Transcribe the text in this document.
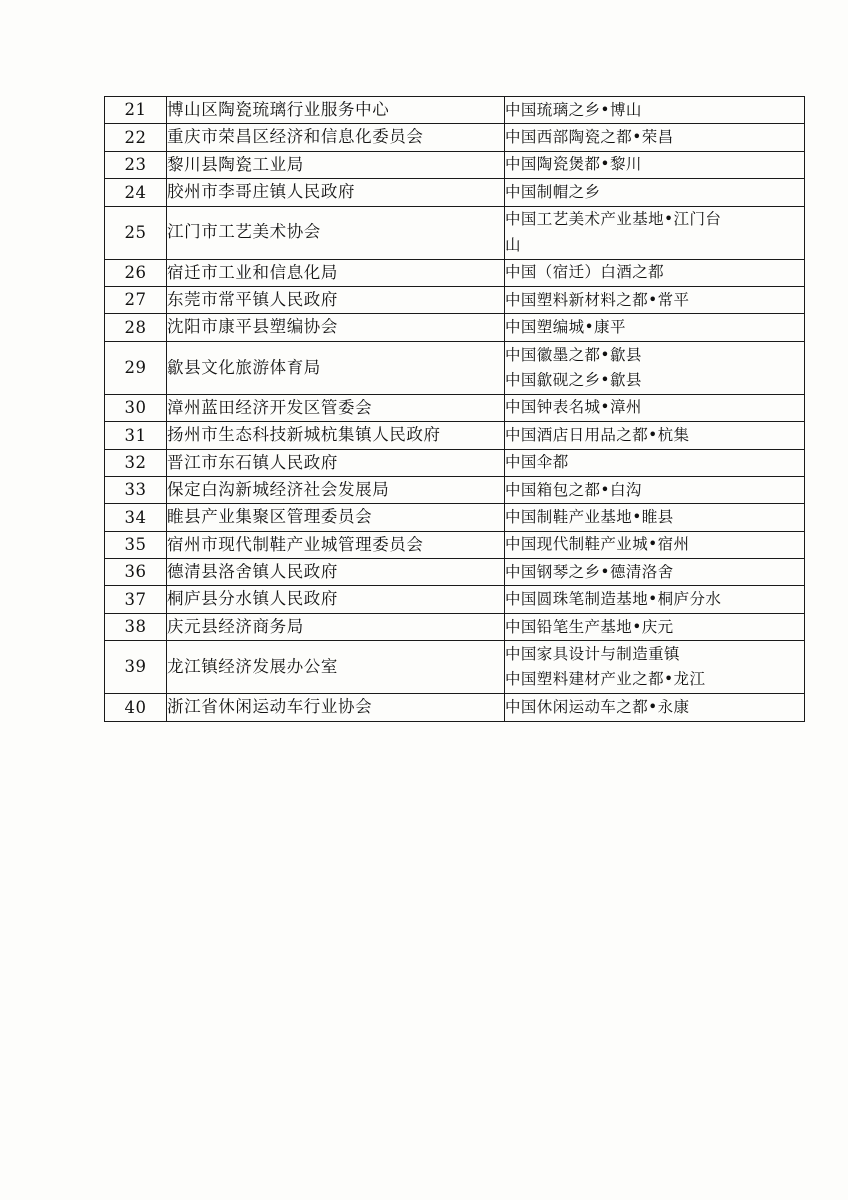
21	博山区陶瓷琉璃行业服务中心	中国琉璃之乡•博山

22	重庆市荣昌区经济和信息化委员会	中国西部陶瓷之都•荣昌

23	黎川县陶瓷工业局	中国陶瓷煲都•黎川

24	胶州市李哥庄镇人民政府	中国制帽之乡

25	江门市工艺美术协会	中国工艺美术产业基地•江门台
山

26	宿迁市工业和信息化局	中国（宿迁）白酒之都

27	东莞市常平镇人民政府	中国塑料新材料之都•常平

28	沈阳市康平县塑编协会	中国塑编城•康平

29	歙县文化旅游体育局	中国徽墨之都•歙县
中国歙砚之乡•歙县

30	漳州蓝田经济开发区管委会	中国钟表名城•漳州

31	扬州市生态科技新城杭集镇人民政府	中国酒店日用品之都•杭集

32	晋江市东石镇人民政府	中国伞都

33	保定白沟新城经济社会发展局	中国箱包之都•白沟

34	睢县产业集聚区管理委员会	中国制鞋产业基地•睢县

35	宿州市现代制鞋产业城管理委员会	中国现代制鞋产业城•宿州

36	德清县洛舍镇人民政府	中国钢琴之乡•德清洛舍

37	桐庐县分水镇人民政府	中国圆珠笔制造基地•桐庐分水

38	庆元县经济商务局	中国铅笔生产基地•庆元

39	龙江镇经济发展办公室	中国家具设计与制造重镇
中国塑料建材产业之都•龙江

40	浙江省休闲运动车行业协会	中国休闲运动车之都•永康
